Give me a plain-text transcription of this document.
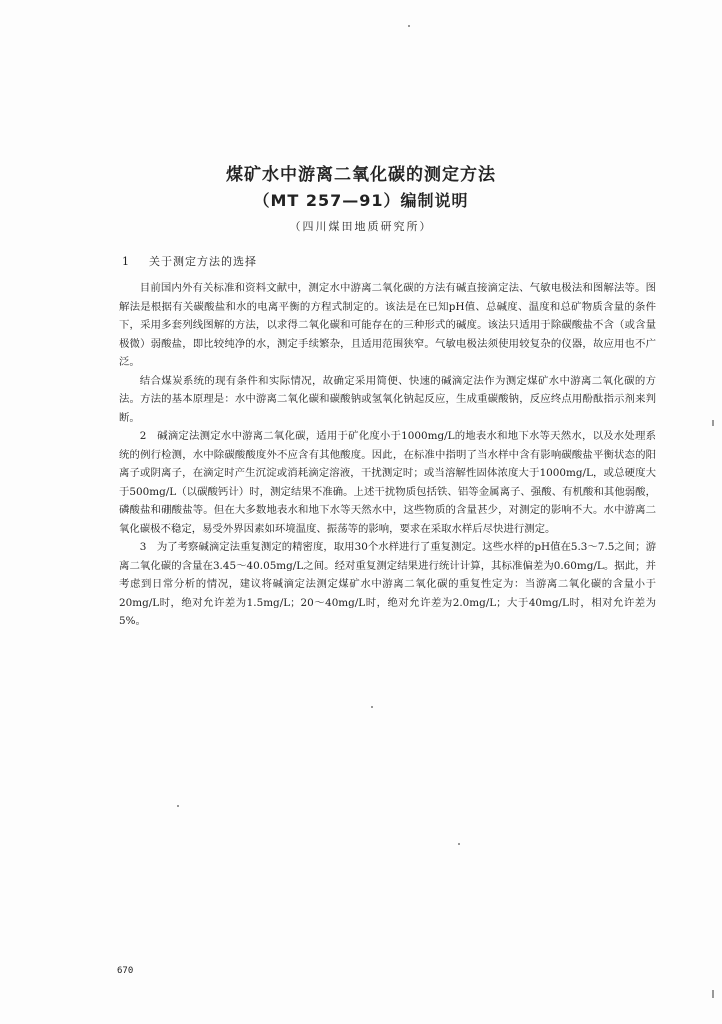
煤矿水中游离二氧化碳的测定方法
（MT 257—91）编制说明
（四川煤田地质研究所）
1 关于测定方法的选择

目前国内外有关标准和资料文献中，测定水中游离二氧化碳的方法有碱直接滴定法、气敏电极法和图解法等。图解法是根据有关碳酸盐和水的电离平衡的方程式制定的。该法是在已知pH值、总碱度、温度和总矿物质含量的条件下，采用多套列线图解的方法，以求得二氧化碳和可能存在的三种形式的碱度。该法只适用于除碳酸盐不含（或含量极微）弱酸盐，即比较纯净的水，测定手续繁杂，且适用范围狭窄。气敏电极法须使用较复杂的仪器，故应用也不广泛。

结合煤炭系统的现有条件和实际情况，故确定采用简便、快速的碱滴定法作为测定煤矿水中游离二氧化碳的方法。方法的基本原理是：水中游离二氧化碳和碳酸钠或氢氧化钠起反应，生成重碳酸钠，反应终点用酚酞指示剂来判断。

2　碱滴定法测定水中游离二氧化碳，适用于矿化度小于1000mg/L的地表水和地下水等天然水，以及水处理系统的例行检测，水中除碳酸酸度外不应含有其他酸度。因此，在标准中指明了当水样中含有影响碳酸盐平衡状态的阳离子或阴离子，在滴定时产生沉淀或消耗滴定溶液，干扰测定时；或当溶解性固体浓度大于1000mg/L，或总硬度大于500mg/L（以碳酸钙计）时，测定结果不准确。上述干扰物质包括铁、铝等金属离子、强酸、有机酸和其他弱酸，磷酸盐和硼酸盐等。但在大多数地表水和地下水等天然水中，这些物质的含量甚少，对测定的影响不大。水中游离二氧化碳极不稳定，易受外界因素如环境温度、振荡等的影响，要求在采取水样后尽快进行测定。

3　为了考察碱滴定法重复测定的精密度，取用30个水样进行了重复测定。这些水样的pH值在5.3～7.5之间；游离二氧化碳的含量在3.45～40.05mg/L之间。经对重复测定结果进行统计计算，其标准偏差为0.60mg/L。据此，并考虑到日常分析的情况，建议将碱滴定法测定煤矿水中游离二氧化碳的重复性定为：当游离二氧化碳的含量小于20mg/L时，绝对允许差为1.5mg/L；20～40mg/L时，绝对允许差为2.0mg/L；大于40mg/L时，相对允许差为5%。

670
